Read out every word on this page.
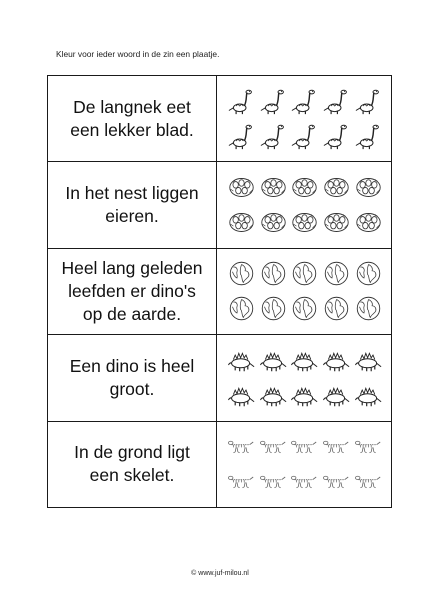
Kleur voor ieder woord in de zin een plaatje.
De langnek eet
een lekker blad.

In het nest liggen
eieren.

Heel lang geleden
leefden er dino's
op de aarde.

Een dino is heel
groot.

In de grond ligt
een skelet.

© www.juf-milou.nl
